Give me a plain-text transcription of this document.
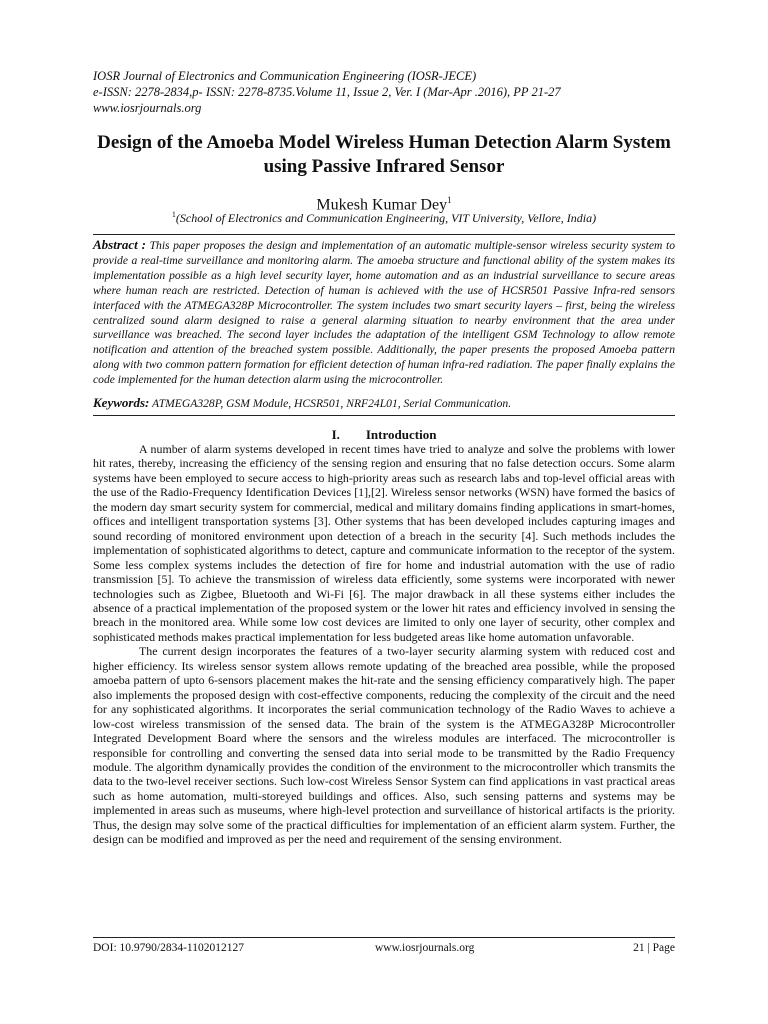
IOSR Journal of Electronics and Communication Engineering (IOSR-JECE)
e-ISSN: 2278-2834,p- ISSN: 2278-8735.Volume 11, Issue 2, Ver. I (Mar-Apr .2016), PP 21-27
www.iosrjournals.org
Design of the Amoeba Model Wireless Human Detection Alarm System using Passive Infrared Sensor
Mukesh Kumar Dey$^1$
$^1$(School of Electronics and Communication Engineering, VIT University, Vellore, India)
Abstract : This paper proposes the design and implementation of an automatic multiple-sensor wireless security system to provide a real-time surveillance and monitoring alarm. The amoeba structure and functional ability of the system makes its implementation possible as a high level security layer, home automation and as an industrial surveillance to secure areas where human reach are restricted. Detection of human is achieved with the use of HCSR501 Passive Infra-red sensors interfaced with the ATMEGA328P Microcontroller. The system includes two smart security layers – first, being the wireless centralized sound alarm designed to raise a general alarming situation to nearby environment that the area under surveillance was breached. The second layer includes the adaptation of the intelligent GSM Technology to allow remote notification and attention of the breached system possible. Additionally, the paper presents the proposed Amoeba pattern along with two common pattern formation for efficient detection of human infra-red radiation. The paper finally explains the code implemented for the human detection alarm using the microcontroller.
Keywords: ATMEGA328P, GSM Module, HCSR501, NRF24L01, Serial Communication.
I. Introduction

A number of alarm systems developed in recent times have tried to analyze and solve the problems with lower hit rates, thereby, increasing the efficiency of the sensing region and ensuring that no false detection occurs. Some alarm systems have been employed to secure access to high-priority areas such as research labs and top-level official areas with the use of the Radio-Frequency Identification Devices [1],[2]. Wireless sensor networks (WSN) have formed the basics of the modern day smart security system for commercial, medical and military domains finding applications in smart-homes, offices and intelligent transportation systems [3]. Other systems that has been developed includes capturing images and sound recording of monitored environment upon detection of a breach in the security [4]. Such methods includes the implementation of sophisticated algorithms to detect, capture and communicate information to the receptor of the system. Some less complex systems includes the detection of fire for home and industrial automation with the use of radio transmission [5]. To achieve the transmission of wireless data efficiently, some systems were incorporated with newer technologies such as Zigbee, Bluetooth and Wi-Fi [6]. The major drawback in all these systems either includes the absence of a practical implementation of the proposed system or the lower hit rates and efficiency involved in sensing the breach in the monitored area. While some low cost devices are limited to only one layer of security, other complex and sophisticated methods makes practical implementation for less budgeted areas like home automation unfavorable.

The current design incorporates the features of a two-layer security alarming system with reduced cost and higher efficiency. Its wireless sensor system allows remote updating of the breached area possible, while the proposed amoeba pattern of upto 6-sensors placement makes the hit-rate and the sensing efficiency comparatively high. The paper also implements the proposed design with cost-effective components, reducing the complexity of the circuit and the need for any sophisticated algorithms. It incorporates the serial communication technology of the Radio Waves to achieve a low-cost wireless transmission of the sensed data. The brain of the system is the ATMEGA328P Microcontroller Integrated Development Board where the sensors and the wireless modules are interfaced. The microcontroller is responsible for controlling and converting the sensed data into serial mode to be transmitted by the Radio Frequency module. The algorithm dynamically provides the condition of the environment to the microcontroller which transmits the data to the two-level receiver sections. Such low-cost Wireless Sensor System can find applications in vast practical areas such as home automation, multi-storeyed buildings and offices. Also, such sensing patterns and systems may be implemented in areas such as museums, where high-level protection and surveillance of historical artifacts is the priority. Thus, the design may solve some of the practical difficulties for implementation of an efficient alarm system. Further, the design can be modified and improved as per the need and requirement of the sensing environment.

DOI: 10.9790/2834-1102012127	www.iosrjournals.org	21 | Page
